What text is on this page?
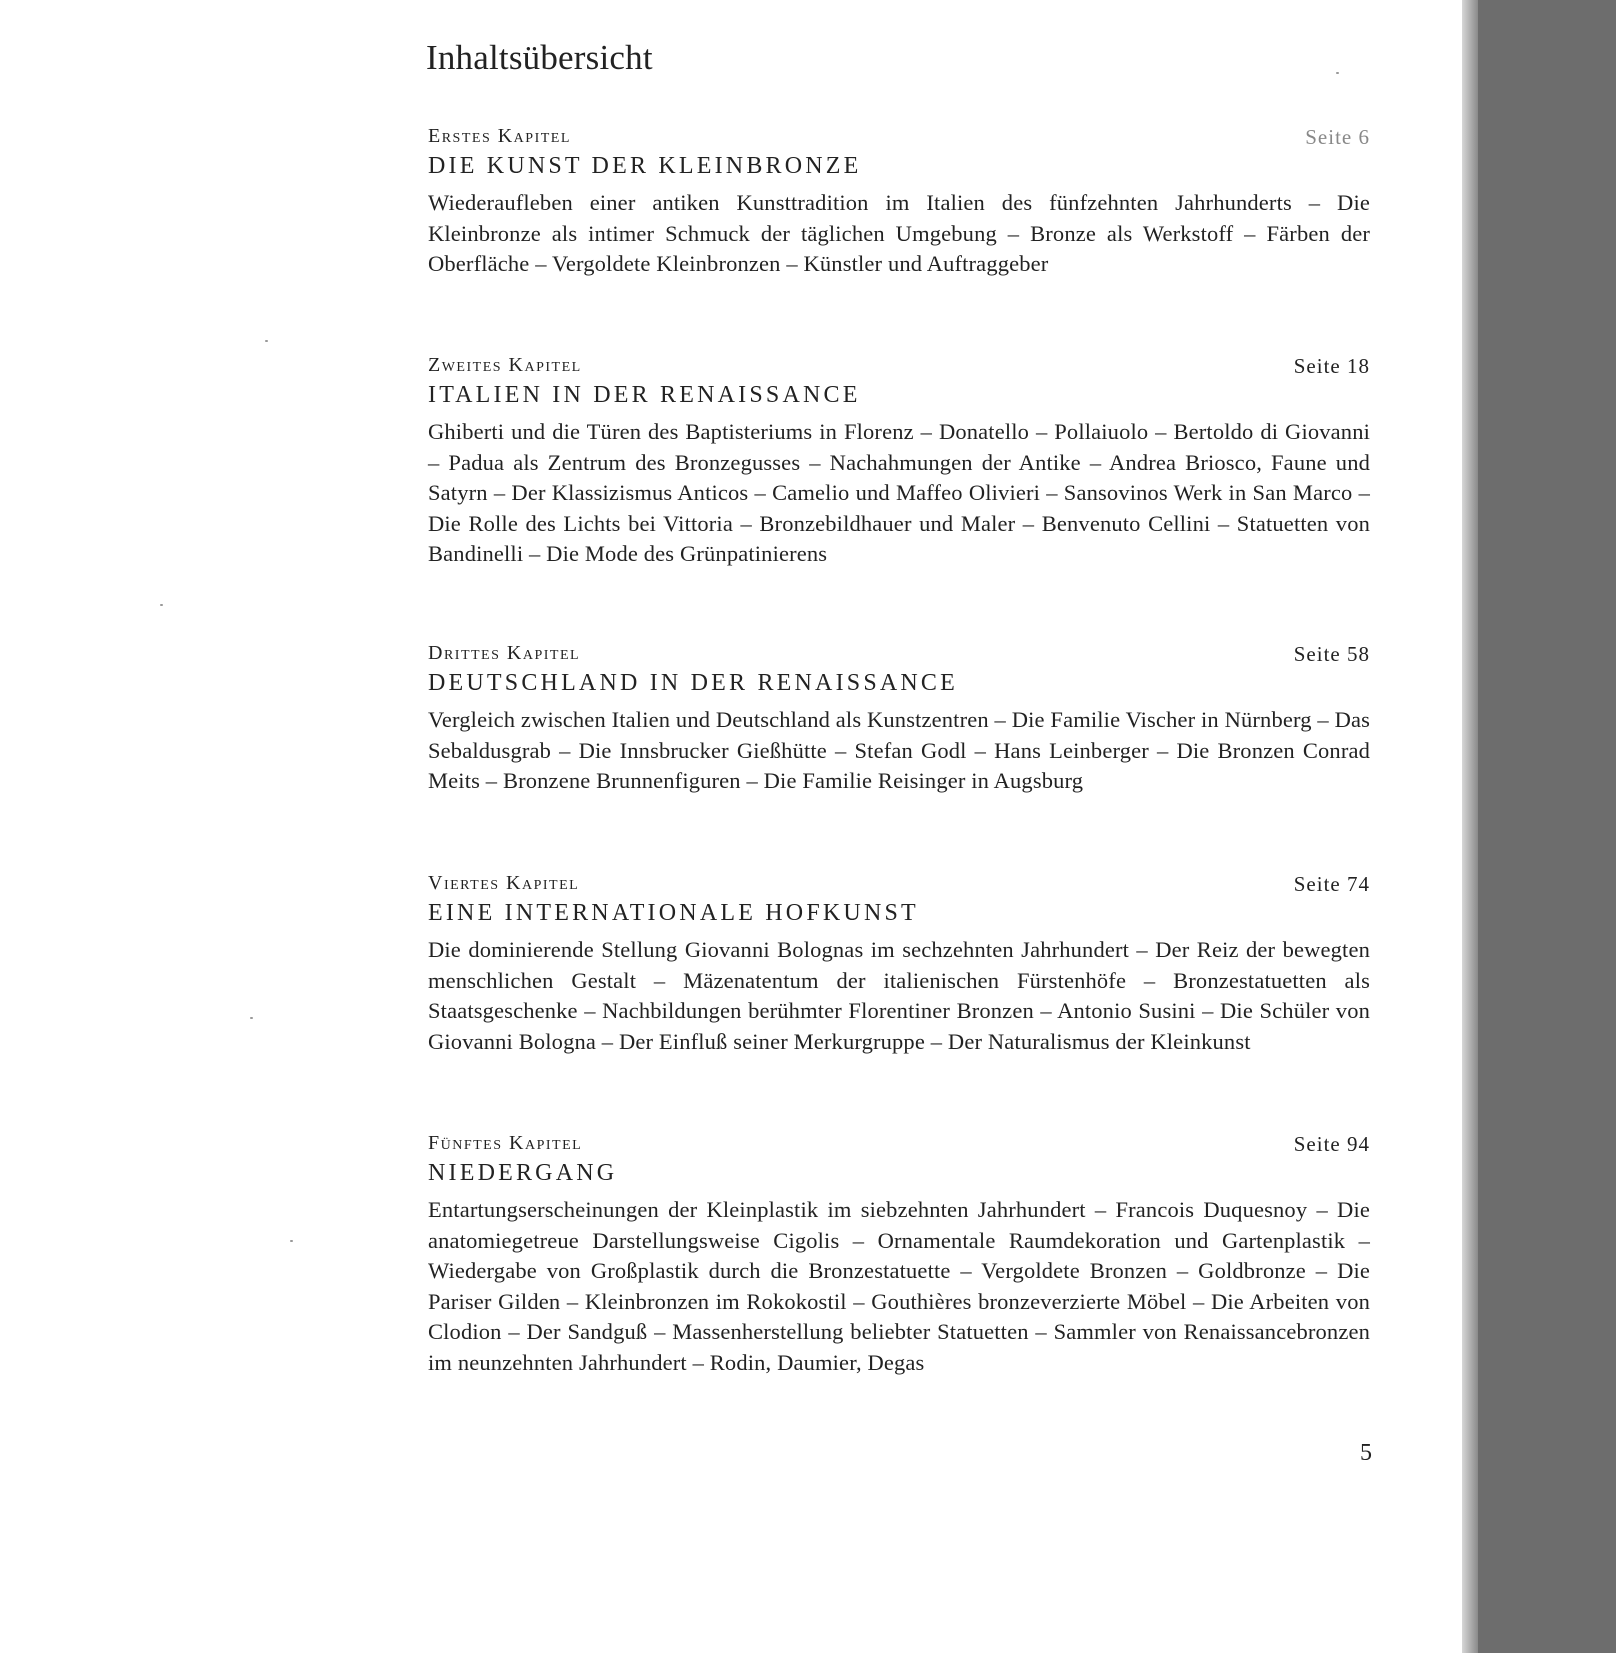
Inhaltsübersicht
Erstes Kapitel	Seite 6
DIE KUNST DER KLEINBRONZE

Wiederaufleben einer antiken Kunsttradition im Italien des fünfzehnten Jahrhunderts – Die Kleinbronze als intimer Schmuck der täglichen Umgebung – Bronze als Werkstoff – Färben der Oberfläche – Vergoldete Kleinbronzen – Künstler und Auftraggeber

Zweites Kapitel	Seite 18
ITALIEN IN DER RENAISSANCE

Ghiberti und die Türen des Baptisteriums in Florenz – Donatello – Pollaiuolo – Bertoldo di Giovanni – Padua als Zentrum des Bronzegusses – Nachahmungen der Antike – Andrea Briosco, Faune und Satyrn – Der Klassizismus Anticos – Camelio und Maffeo Olivieri – Sansovinos Werk in San Marco – Die Rolle des Lichts bei Vittoria – Bronzebildhauer und Maler – Benvenuto Cellini – Statuetten von Bandinelli – Die Mode des Grünpatinierens

Drittes Kapitel	Seite 58
DEUTSCHLAND IN DER RENAISSANCE

Vergleich zwischen Italien und Deutschland als Kunstzentren – Die Familie Vischer in Nürnberg – Das Sebaldusgrab – Die Innsbrucker Gießhütte – Stefan Godl – Hans Leinberger – Die Bronzen Conrad Meits – Bronzene Brunnenfiguren – Die Familie Reisinger in Augsburg

Viertes Kapitel	Seite 74
EINE INTERNATIONALE HOFKUNST

Die dominierende Stellung Giovanni Bolognas im sechzehnten Jahrhundert – Der Reiz der bewegten menschlichen Gestalt – Mäzenatentum der italienischen Fürstenhöfe – Bronzestatuetten als Staatsgeschenke – Nachbildungen berühmter Florentiner Bronzen – Antonio Susini – Die Schüler von Giovanni Bologna – Der Einfluß seiner Merkurgruppe – Der Naturalismus der Kleinkunst

Fünftes Kapitel	Seite 94
NIEDERGANG

Entartungserscheinungen der Kleinplastik im siebzehnten Jahrhundert – Francois Duquesnoy – Die anatomiegetreue Darstellungsweise Cigolis – Ornamentale Raumdekoration und Gartenplastik – Wiedergabe von Großplastik durch die Bronzestatuette – Vergoldete Bronzen – Goldbronze – Die Pariser Gilden – Kleinbronzen im Rokokostil – Gouthières bronzeverzierte Möbel – Die Arbeiten von Clodion – Der Sandguß – Massenherstellung beliebter Statuetten – Sammler von Renaissancebronzen im neunzehnten Jahrhundert – Rodin, Daumier, Degas

5
